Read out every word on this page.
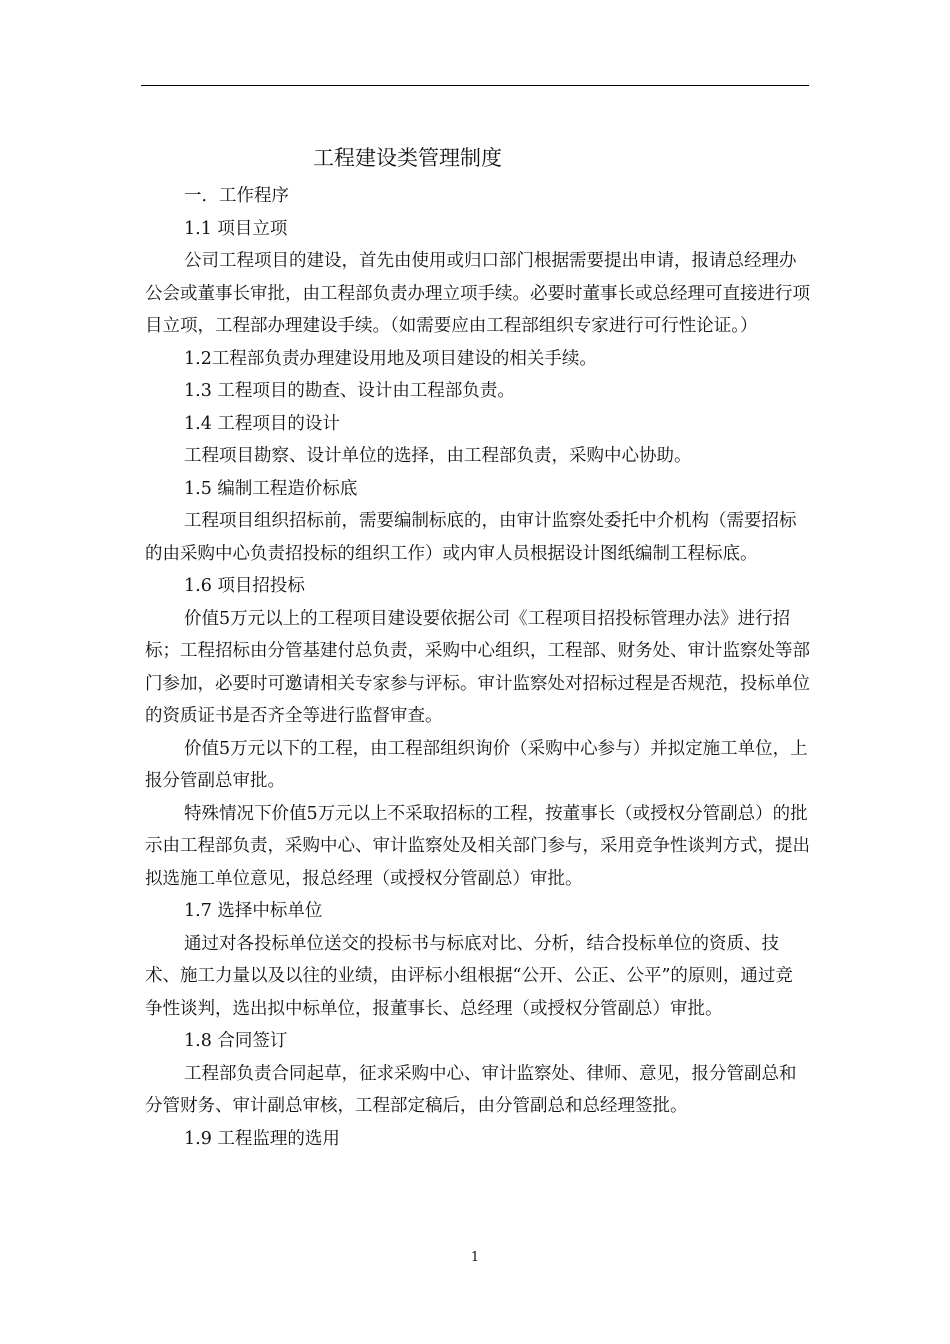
工程建设类管理制度

一．工作程序

1.1 项目立项

公司工程项目的建设，首先由使用或归口部门根据需要提出申请，报请总经理办公会或董事长审批，由工程部负责办理立项手续。必要时董事长或总经理可直接进行项目立项，工程部办理建设手续。（如需要应由工程部组织专家进行可行性论证。）

1.2工程部负责办理建设用地及项目建设的相关手续。

1.3 工程项目的勘查、设计由工程部负责。

1.4 工程项目的设计

工程项目勘察、设计单位的选择，由工程部负责，采购中心协助。

1.5 编制工程造价标底

工程项目组织招标前，需要编制标底的，由审计监察处委托中介机构（需要招标的由采购中心负责招投标的组织工作）或内审人员根据设计图纸编制工程标底。

1.6 项目招投标

价值5万元以上的工程项目建设要依据公司《工程项目招投标管理办法》进行招标；工程招标由分管基建付总负责，采购中心组织，工程部、财务处、审计监察处等部门参加，必要时可邀请相关专家参与评标。审计监察处对招标过程是否规范，投标单位的资质证书是否齐全等进行监督审查。

价值5万元以下的工程，由工程部组织询价（采购中心参与）并拟定施工单位，上报分管副总审批。

特殊情况下价值5万元以上不采取招标的工程，按董事长（或授权分管副总）的批示由工程部负责，采购中心、审计监察处及相关部门参与，采用竞争性谈判方式，提出拟选施工单位意见，报总经理（或授权分管副总）审批。

1.7 选择中标单位

通过对各投标单位送交的投标书与标底对比、分析，结合投标单位的资质、技术、施工力量以及以往的业绩，由评标小组根据“公开、公正、公平”的原则，通过竞争性谈判，选出拟中标单位，报董事长、总经理（或授权分管副总）审批。

1.8 合同签订

工程部负责合同起草，征求采购中心、审计监察处、律师、意见，报分管副总和分管财务、审计副总审核，工程部定稿后，由分管副总和总经理签批。

1.9 工程监理的选用

1
